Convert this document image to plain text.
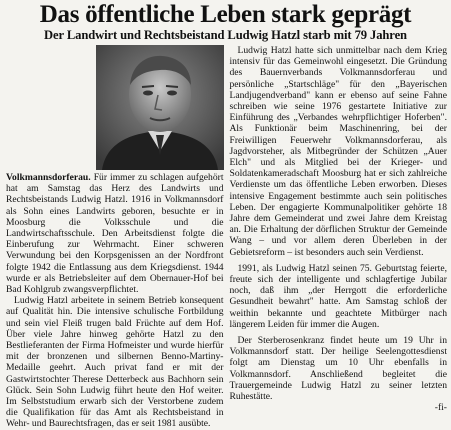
Das öffentliche Leben stark geprägt
Der Landwirt und Rechtsbeistand Ludwig Hatzl starb mit 79 Jahren

Volkmannsdorferau. Für immer zu schlagen aufgehört hat am Samstag das Herz des Landwirts und Rechtsbeistands Ludwig Hatzl. 1916 in Volkmannsdorf als Sohn eines Landwirts geboren, besuchte er in Moosburg die Volksschule und die Landwirtschaftsschule. Den Arbeitsdienst folgte die Einberufung zur Wehrmacht. Einer schweren Verwundung bei den Korpsgenissen an der Nordfront folgte 1942 die Entlassung aus dem Kriegsdienst. 1944 wurde er als Betriebsleiter auf dem Obernauer-Hof bei Bad Kohlgrub zwangsverpflichtet.

Ludwig Hatzl arbeitete in seinem Betrieb konsequent auf Qualität hin. Die intensive schulische Fortbildung und sein viel Fleiß trugen bald Früchte auf dem Hof. Über viele Jahre hinweg gehörte Hatzl zu den Bestlieferanten der Firma Hofmeister und wurde hierfür mit der bronzenen und silbernen Benno-Martiny-Medaille geehrt. Auch privat fand er mit der Gastwirtstochter Therese Detterbeck aus Bachhorn sein Glück. Sein Sohn Ludwig führt heute den Hof weiter. Im Selbststudium erwarb sich der Verstorbene zudem die Qualifikation für das Amt als Rechtsbeistand in Wehr- und Baurechtsfragen, das er seit 1981 ausübte.

Ludwig Hatzl hatte sich unmittelbar nach dem Krieg intensiv für das Gemeinwohl eingesetzt. Die Gründung des Bauernverbands Volkmannsdorferau und persönliche „Startschläge" für den „Bayerischen Landjugendverband" kann er ebenso auf seine Fahne schreiben wie seine 1976 gestartete Initiative zur Einführung des „Verbandes wehrpflichtiger Hoferben". Als Funktionär beim Maschinenring, bei der Freiwilligen Feuerwehr Volkmannsdorferau, als Jagdvorsteher, als Mitbegründer der Schützen „Auer Elch" und als Mitglied bei der Krieger- und Soldatenkameradschaft Moosburg hat er sich zahlreiche Verdienste um das öffentliche Leben erworben. Dieses intensive Engagement bestimmte auch sein politisches Leben. Der engagierte Kommunalpolitiker gehörte 18 Jahre dem Gemeinderat und zwei Jahre dem Kreistag an. Die Erhaltung der dörflichen Struktur der Gemeinde Wang – und vor allem deren Überleben in der Gebietsreform – ist besonders auch sein Verdienst.

1991, als Ludwig Hatzl seinen 75. Geburtstag feierte, freute sich der intelligente und schlagfertige Jubilar noch, daß ihm „der Herrgott die erforderliche Gesundheit bewahrt" hatte. Am Samstag schloß der weithin bekannte und geachtete Mitbürger nach längerem Leiden für immer die Augen.

Der Sterberosenkranz findet heute um 19 Uhr in Volkmannsdorf statt. Der heilige Seelengottesdienst folgt am Dienstag um 10 Uhr ebenfalls in Volkmannsdorf. Anschließend begleitet die Trauergemeinde Ludwig Hatzl zu seiner letzten Ruhestätte.

-fi-
